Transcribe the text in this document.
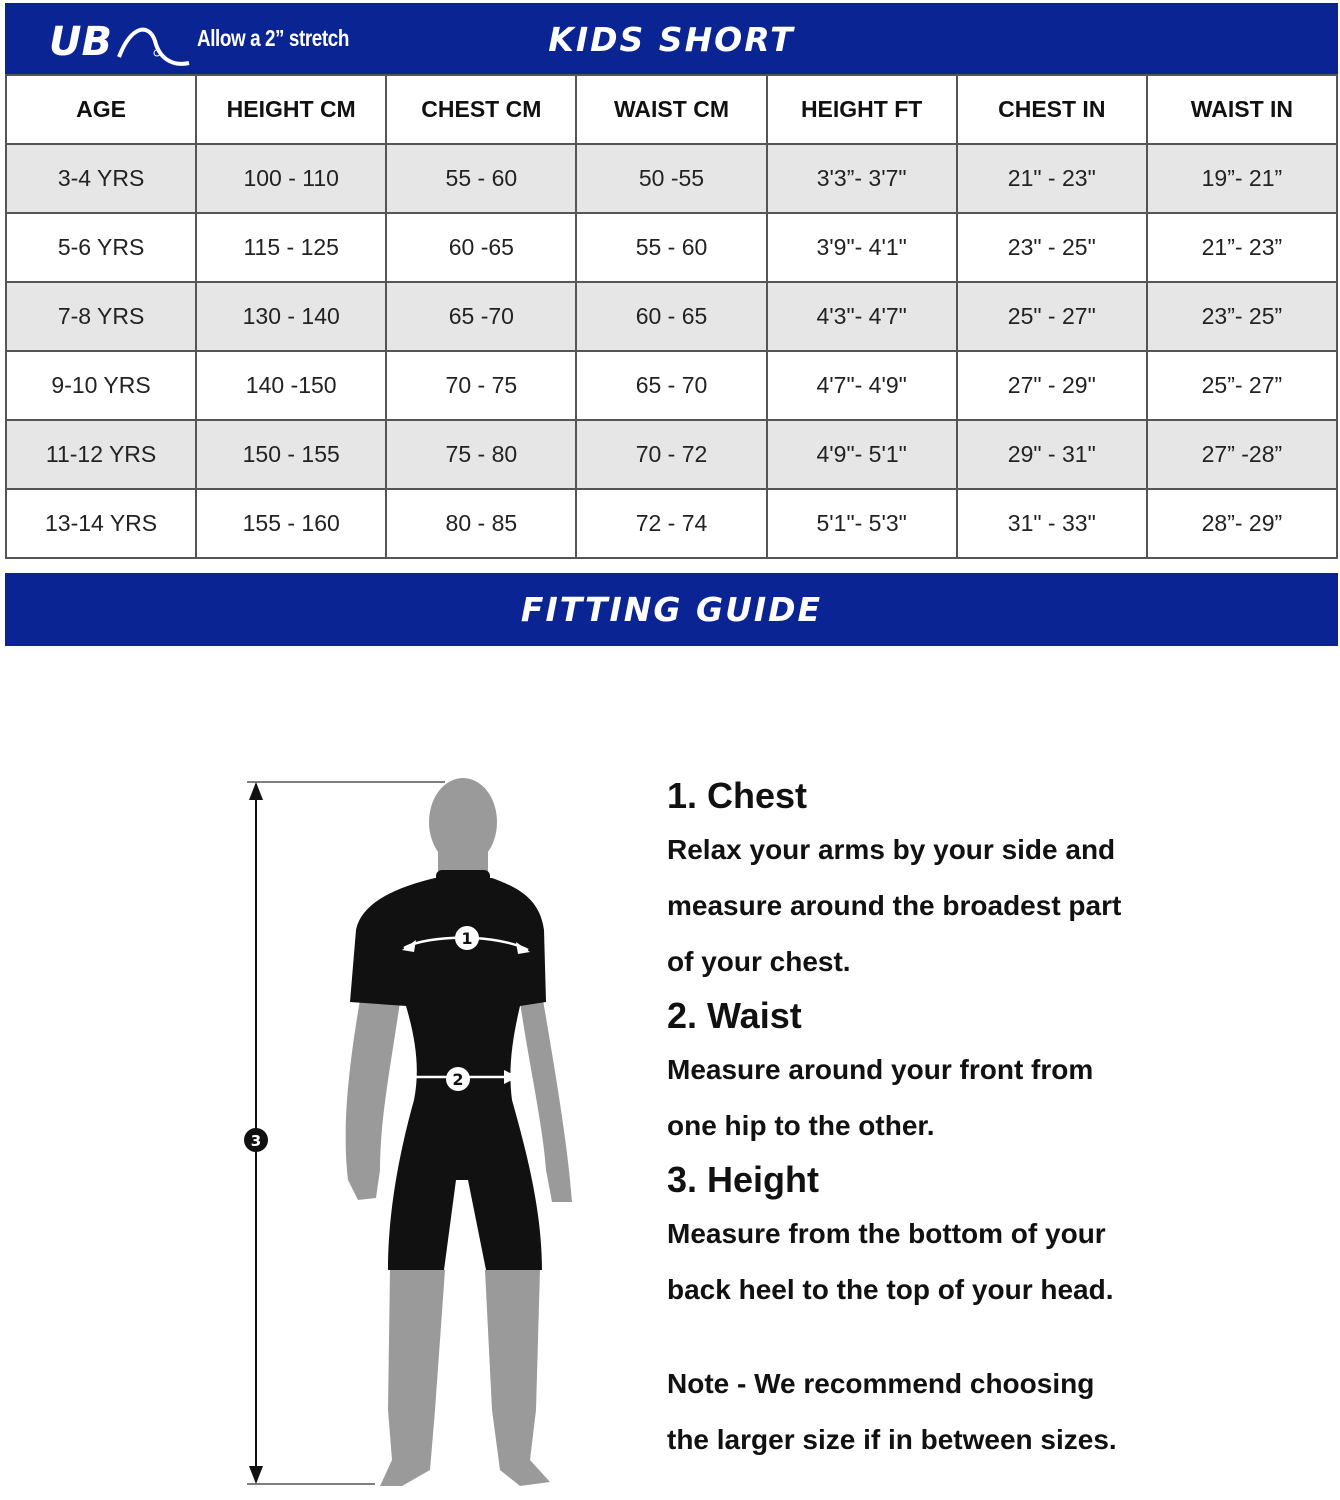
UB	Allow a 2” stretch	KIDS SHORT
AGE	HEIGHT CM	CHEST CM	WAIST CM	HEIGHT FT	CHEST IN	WAIST IN
3-4 YRS	100 - 110	55 - 60	50 -55	3'3”- 3'7"	21" - 23"	19”- 21”
5-6 YRS	115 - 125	60 -65	55 - 60	3'9"- 4'1"	23" - 25"	21”- 23”
7-8 YRS	130 - 140	65 -70	60 - 65	4'3"- 4'7"	25" - 27"	23”- 25”
9-10 YRS	140 -150	70 - 75	65 - 70	4'7"- 4'9"	27" - 29"	25”- 27”
11-12 YRS	150 - 155	75 - 80	70 - 72	4'9"- 5'1"	29" - 31"	27” -28”
13-14 YRS	155 - 160	80 - 85	72 - 74	5'1"- 5'3"	31" - 33"	28”- 29”
FITTING GUIDE
1
2
3
1. Chest

Relax your arms by your side and

measure around the broadest part

of your chest.

2. Waist

Measure around your front from

one hip to the other.

3. Height

Measure from the bottom of your

back heel to the top of your head.

Note - We recommend choosing

the larger size if in between sizes.
